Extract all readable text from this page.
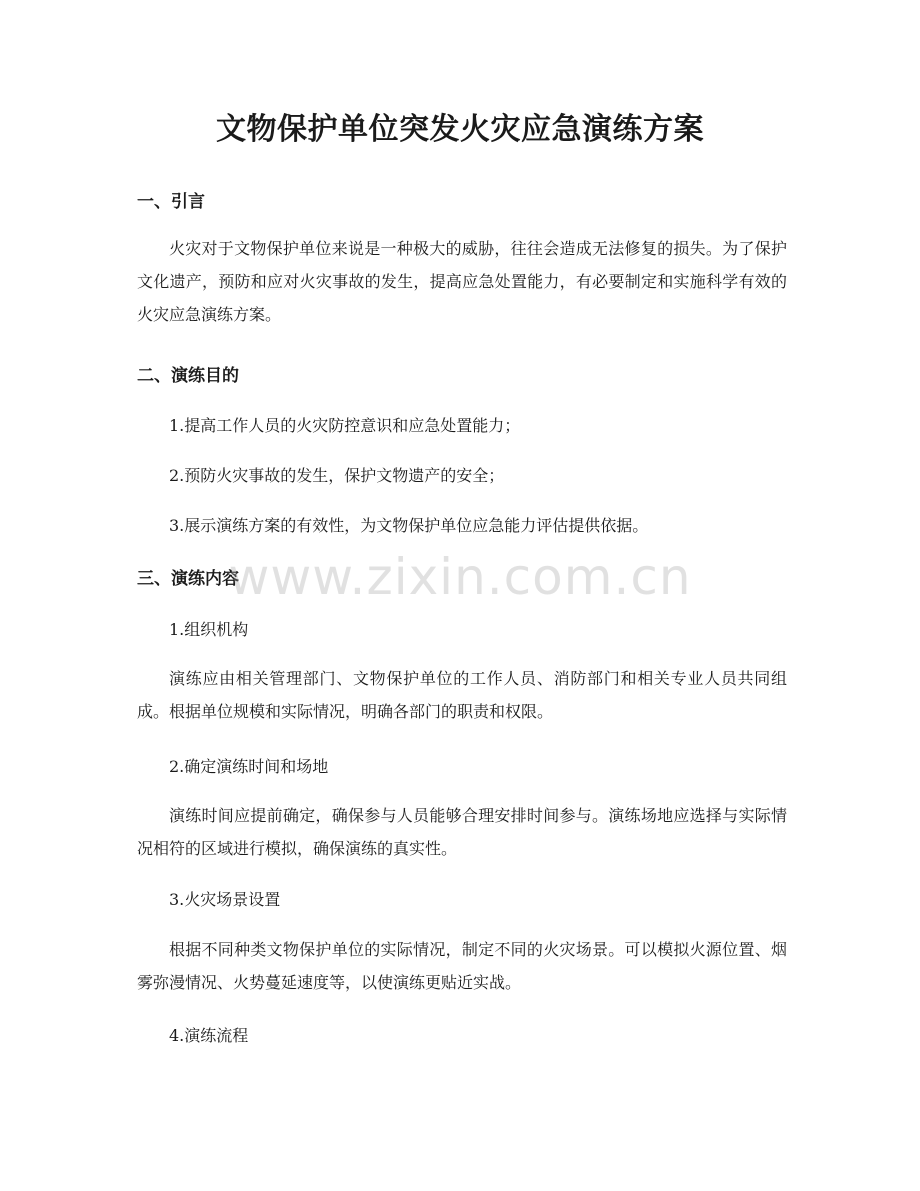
文物保护单位突发火灾应急演练方案
一、引言
火灾对于文物保护单位来说是一种极大的威胁，往往会造成无法修复的损失。为了保护文化遗产，预防和应对火灾事故的发生，提高应急处置能力，有必要制定和实施科学有效的火灾应急演练方案。
二、演练目的
1.提高工作人员的火灾防控意识和应急处置能力；
2.预防火灾事故的发生，保护文物遗产的安全；
3.展示演练方案的有效性，为文物保护单位应急能力评估提供依据。
三、演练内容
1.组织机构
演练应由相关管理部门、文物保护单位的工作人员、消防部门和相关专业人员共同组成。根据单位规模和实际情况，明确各部门的职责和权限。
2.确定演练时间和场地
演练时间应提前确定，确保参与人员能够合理安排时间参与。演练场地应选择与实际情况相符的区域进行模拟，确保演练的真实性。
3.火灾场景设置
根据不同种类文物保护单位的实际情况，制定不同的火灾场景。可以模拟火源位置、烟雾弥漫情况、火势蔓延速度等，以使演练更贴近实战。
4.演练流程
www.zixin.com.cn
